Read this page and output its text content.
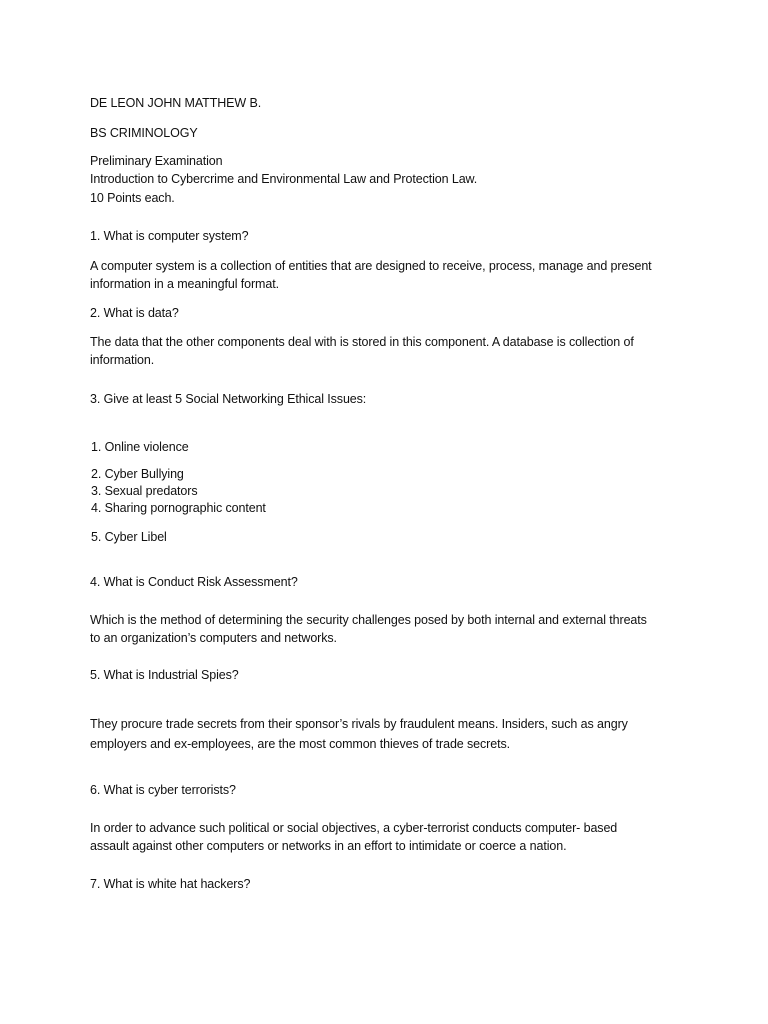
DE LEON JOHN MATTHEW B.
BS CRIMINOLOGY
Preliminary Examination
Introduction to Cybercrime and Environmental Law and Protection Law.
10 Points each.
1. What is computer system?
A computer system is a collection of entities that are designed to receive, process, manage and present
information in a meaningful format.
2. What is data?
The data that the other components deal with is stored in this component. A database is collection of
information.
3. Give at least 5 Social Networking Ethical Issues:
1. Online violence
2. Cyber Bullying
3. Sexual predators
4. Sharing pornographic content
5. Cyber Libel
4. What is Conduct Risk Assessment?
Which is the method of determining the security challenges posed by both internal and external threats
to an organization’s computers and networks.
5. What is Industrial Spies?
They procure trade secrets from their sponsor’s rivals by fraudulent means. Insiders, such as angry
employers and ex-employees, are the most common thieves of trade secrets.
6. What is cyber terrorists?
In order to advance such political or social objectives, a cyber-terrorist conducts computer- based
assault against other computers or networks in an effort to intimidate or coerce a nation.
7. What is white hat hackers?
